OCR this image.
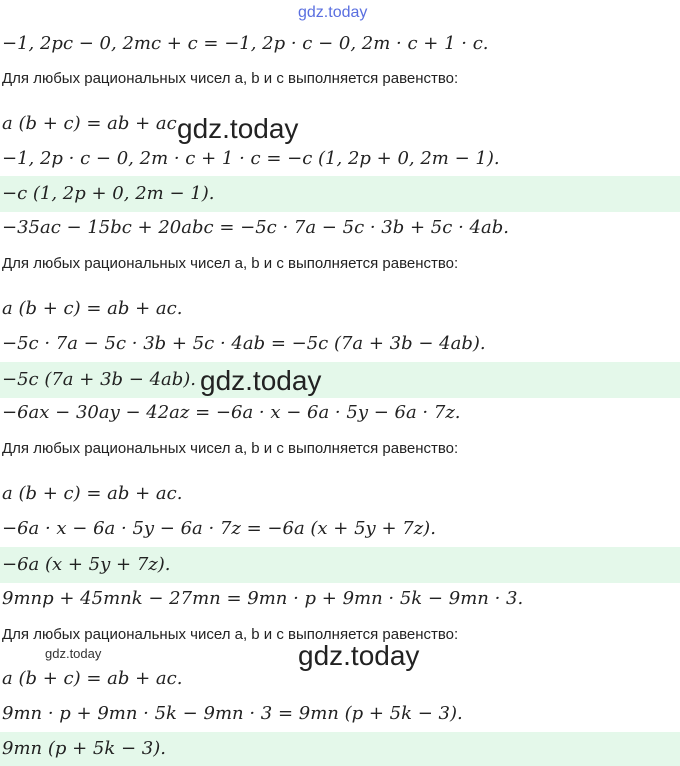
−1, 2pc − 0, 2mc + c = −1, 2p · c − 0, 2m · c + 1 · c.
Для любых рациональных чисел a, b и c выполняется равенство:
a (b + c) = ab + ac.
−1, 2p · c − 0, 2m · c + 1 · c = −c (1, 2p + 0, 2m − 1).
−c (1, 2p + 0, 2m − 1).
−35ac − 15bc + 20abc = −5c · 7a − 5c · 3b + 5c · 4ab.
Для любых рациональных чисел a, b и c выполняется равенство:
a (b + c) = ab + ac.
−5c · 7a − 5c · 3b + 5c · 4ab = −5c (7a + 3b − 4ab).
−5c (7a + 3b − 4ab).
−6ax − 30ay − 42az = −6a · x − 6a · 5y − 6a · 7z.
Для любых рациональных чисел a, b и c выполняется равенство:
a (b + c) = ab + ac.
−6a · x − 6a · 5y − 6a · 7z = −6a (x + 5y + 7z).
−6a (x + 5y + 7z).
9mnp + 45mnk − 27mn = 9mn · p + 9mn · 5k − 9mn · 3.
Для любых рациональных чисел a, b и c выполняется равенство:
a (b + c) = ab + ac.
9mn · p + 9mn · 5k − 9mn · 3 = 9mn (p + 5k − 3).
9mn (p + 5k − 3).
gdz.today
gdz.today
gdz.today
gdz.today	gdz.today
